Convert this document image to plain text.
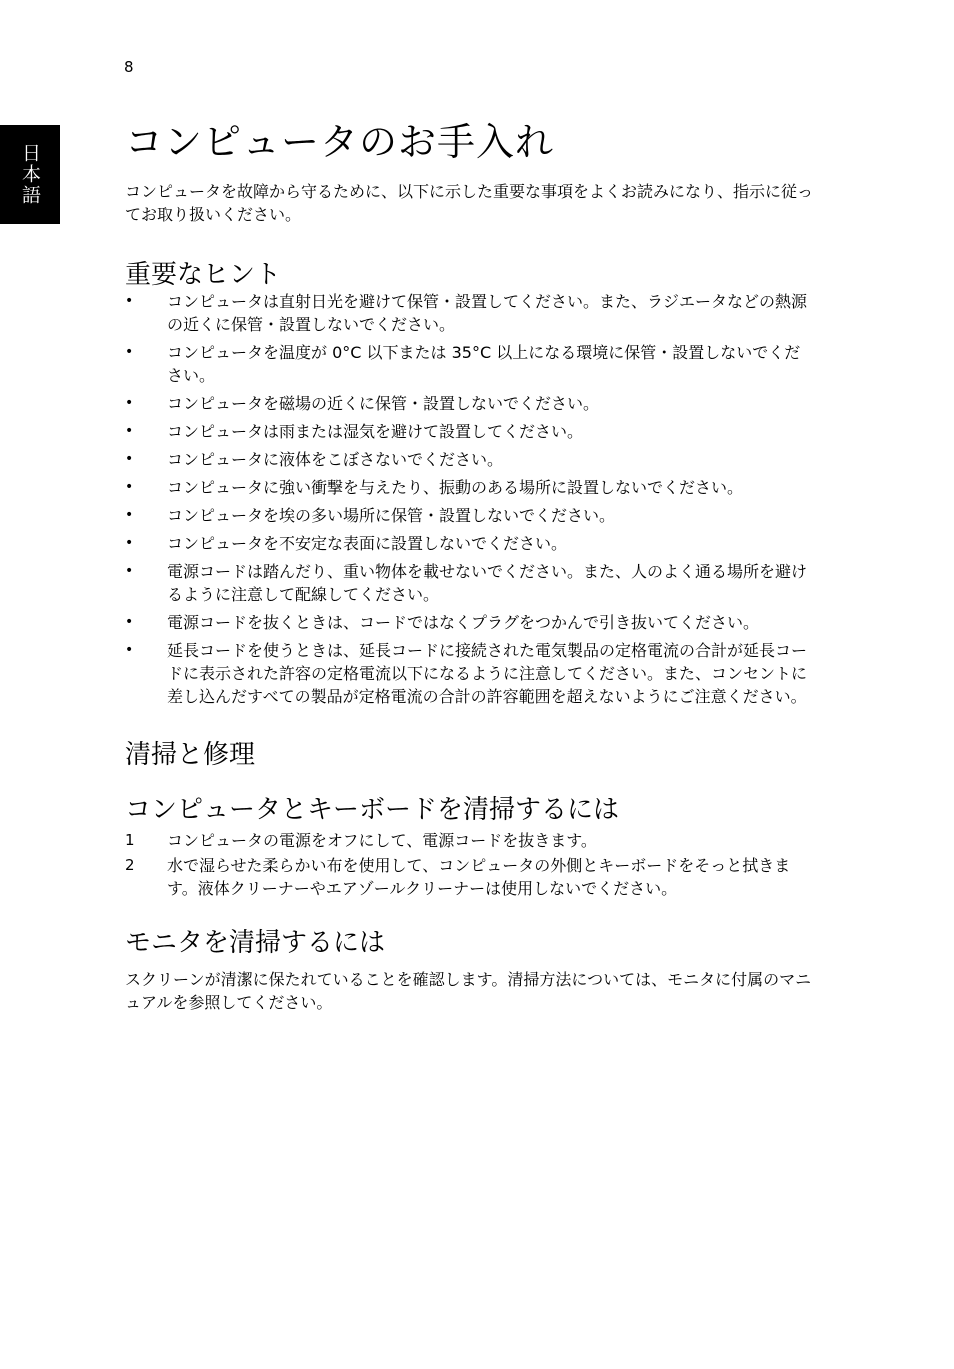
8
日本語
コンピュータのお手入れ

コンピュータを故障から守るために、以下に示した重要な事項をよくお読みになり、指示に従ってお取り扱いください。

重要なヒント
• コンピュータは直射日光を避けて保管・設置してください。また、ラジエータなどの熱源の近くに保管・設置しないでください。
• コンピュータを温度が 0°C 以下または 35°C 以上になる環境に保管・設置しないでください。
• コンピュータを磁場の近くに保管・設置しないでください。
• コンピュータは雨または湿気を避けて設置してください。
• コンピュータに液体をこぼさないでください。
• コンピュータに強い衝撃を与えたり、振動のある場所に設置しないでください。
• コンピュータを埃の多い場所に保管・設置しないでください。
• コンピュータを不安定な表面に設置しないでください。
• 電源コードは踏んだり、重い物体を載せないでください。また、人のよく通る場所を避けるように注意して配線してください。
• 電源コードを抜くときは、コードではなくプラグをつかんで引き抜いてください。
• 延長コードを使うときは、延長コードに接続された電気製品の定格電流の合計が延長コードに表示された許容の定格電流以下になるように注意してください。また、コンセントに差し込んだすべての製品が定格電流の合計の許容範囲を超えないようにご注意ください。
清掃と修理
コンピュータとキーボードを清掃するには
1 コンピュータの電源をオフにして、電源コードを抜きます。
2 水で湿らせた柔らかい布を使用して、コンピュータの外側とキーボードをそっと拭きます。液体クリーナーやエアゾールクリーナーは使用しないでください。
モニタを清掃するには

スクリーンが清潔に保たれていることを確認します。清掃方法については、モニタに付属のマニュアルを参照してください。
